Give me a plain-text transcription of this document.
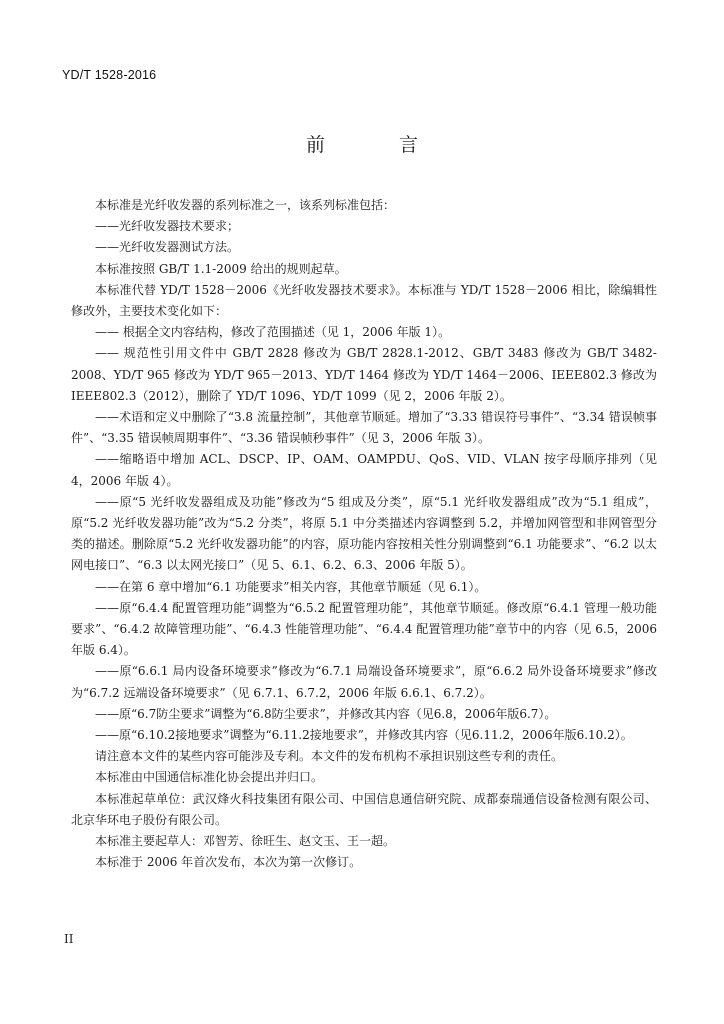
YD/T 1528-2016
前 言

本标准是光纤收发器的系列标准之一，该系列标准包括：

——光纤收发器技术要求；

——光纤收发器测试方法。

本标准按照 GB/T 1.1-2009 给出的规则起草。

本标准代替 YD/T 1528－2006《光纤收发器技术要求》。本标准与 YD/T 1528－2006 相比，除编辑性修改外，主要技术变化如下：

—— 根据全文内容结构，修改了范围描述（见 1，2006 年版 1）。

—— 规范性引用文件中 GB/T 2828 修改为 GB/T 2828.1-2012、GB/T 3483 修改为 GB/T 3482-2008、YD/T 965 修改为 YD/T 965－2013、YD/T 1464 修改为 YD/T 1464－2006、IEEE802.3 修改为 IEEE802.3（2012），删除了 YD/T 1096、YD/T 1099（见 2，2006 年版 2）。

——术语和定义中删除了“3.8 流量控制”，其他章节顺延。增加了“3.33 错误符号事件”、“3.34 错误帧事件”、“3.35 错误帧周期事件”、“3.36 错误帧秒事件”（见 3，2006 年版 3）。

——缩略语中增加 ACL、DSCP、IP、OAM、OAMPDU、QoS、VID、VLAN 按字母顺序排列（见 4，2006 年版 4）。

——原“5 光纤收发器组成及功能”修改为“5 组成及分类”，原“5.1 光纤收发器组成”改为“5.1 组成”，原“5.2 光纤收发器功能”改为“5.2 分类”，将原 5.1 中分类描述内容调整到 5.2，并增加网管型和非网管型分类的描述。删除原“5.2 光纤收发器功能”的内容，原功能内容按相关性分别调整到“6.1 功能要求”、“6.2 以太网电接口”、“6.3 以太网光接口”（见 5、6.1、6.2、6.3、2006 年版 5）。

——在第 6 章中增加“6.1 功能要求”相关内容，其他章节顺延（见 6.1）。

——原“6.4.4 配置管理功能”调整为“6.5.2 配置管理功能”，其他章节顺延。修改原“6.4.1 管理一般功能要求”、“6.4.2 故障管理功能”、“6.4.3 性能管理功能”、“6.4.4 配置管理功能”章节中的内容（见 6.5，2006 年版 6.4）。

——原“6.6.1 局内设备环境要求”修改为“6.7.1 局端设备环境要求”，原“6.6.2 局外设备环境要求”修改为“6.7.2 远端设备环境要求”（见 6.7.1、6.7.2，2006 年版 6.6.1、6.7.2）。

——原“6.7防尘要求”调整为“6.8防尘要求”，并修改其内容（见6.8，2006年版6.7）。

——原“6.10.2接地要求”调整为“6.11.2接地要求”，并修改其内容（见6.11.2，2006年版6.10.2）。

请注意本文件的某些内容可能涉及专利。本文件的发布机构不承担识别这些专利的责任。

本标准由中国通信标准化协会提出并归口。

本标准起草单位：武汉烽火科技集团有限公司、中国信息通信研究院、成都泰瑞通信设备检测有限公司、北京华环电子股份有限公司。

本标准主要起草人：邓智芳、徐旺生、赵文玉、王一超。

本标准于 2006 年首次发布，本次为第一次修订。

II
